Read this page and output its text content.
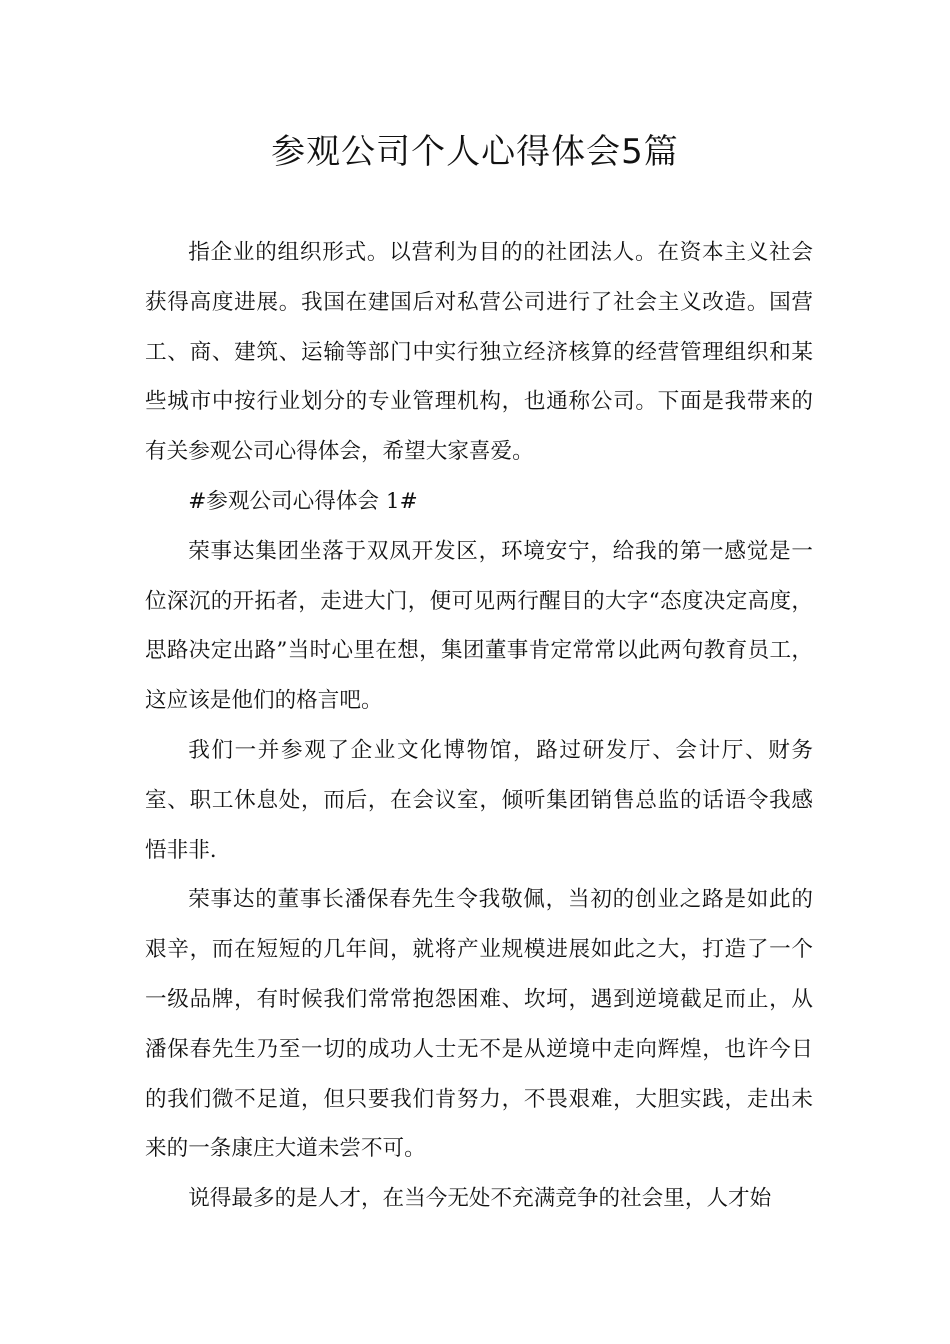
参观公司个人心得体会5篇

指企业的组织形式。以营利为目的的社团法人。在资本主义社会获得高度进展。我国在建国后对私营公司进行了社会主义改造。国营工、商、建筑、运输等部门中实行独立经济核算的经营管理组织和某些城市中按行业划分的专业管理机构，也通称公司。下面是我带来的有关参观公司心得体会，希望大家喜爱。

#参观公司心得体会 1#

荣事达集团坐落于双凤开发区，环境安宁，给我的第一感觉是一位深沉的开拓者，走进大门，便可见两行醒目的大字“态度决定高度，思路决定出路”当时心里在想，集团董事肯定常常以此两句教育员工，这应该是他们的格言吧。

我们一并参观了企业文化博物馆，路过研发厅、会计厅、财务室、职工休息处，而后，在会议室，倾听集团销售总监的话语令我感悟非非.

荣事达的董事长潘保春先生令我敬佩，当初的创业之路是如此的艰辛，而在短短的几年间，就将产业规模进展如此之大，打造了一个一级品牌，有时候我们常常抱怨困难、坎坷，遇到逆境截足而止，从潘保春先生乃至一切的成功人士无不是从逆境中走向辉煌，也许今日的我们微不足道，但只要我们肯努力，不畏艰难，大胆实践，走出未来的一条康庄大道未尝不可。

说得最多的是人才，在当今无处不充满竞争的社会里，人才始
